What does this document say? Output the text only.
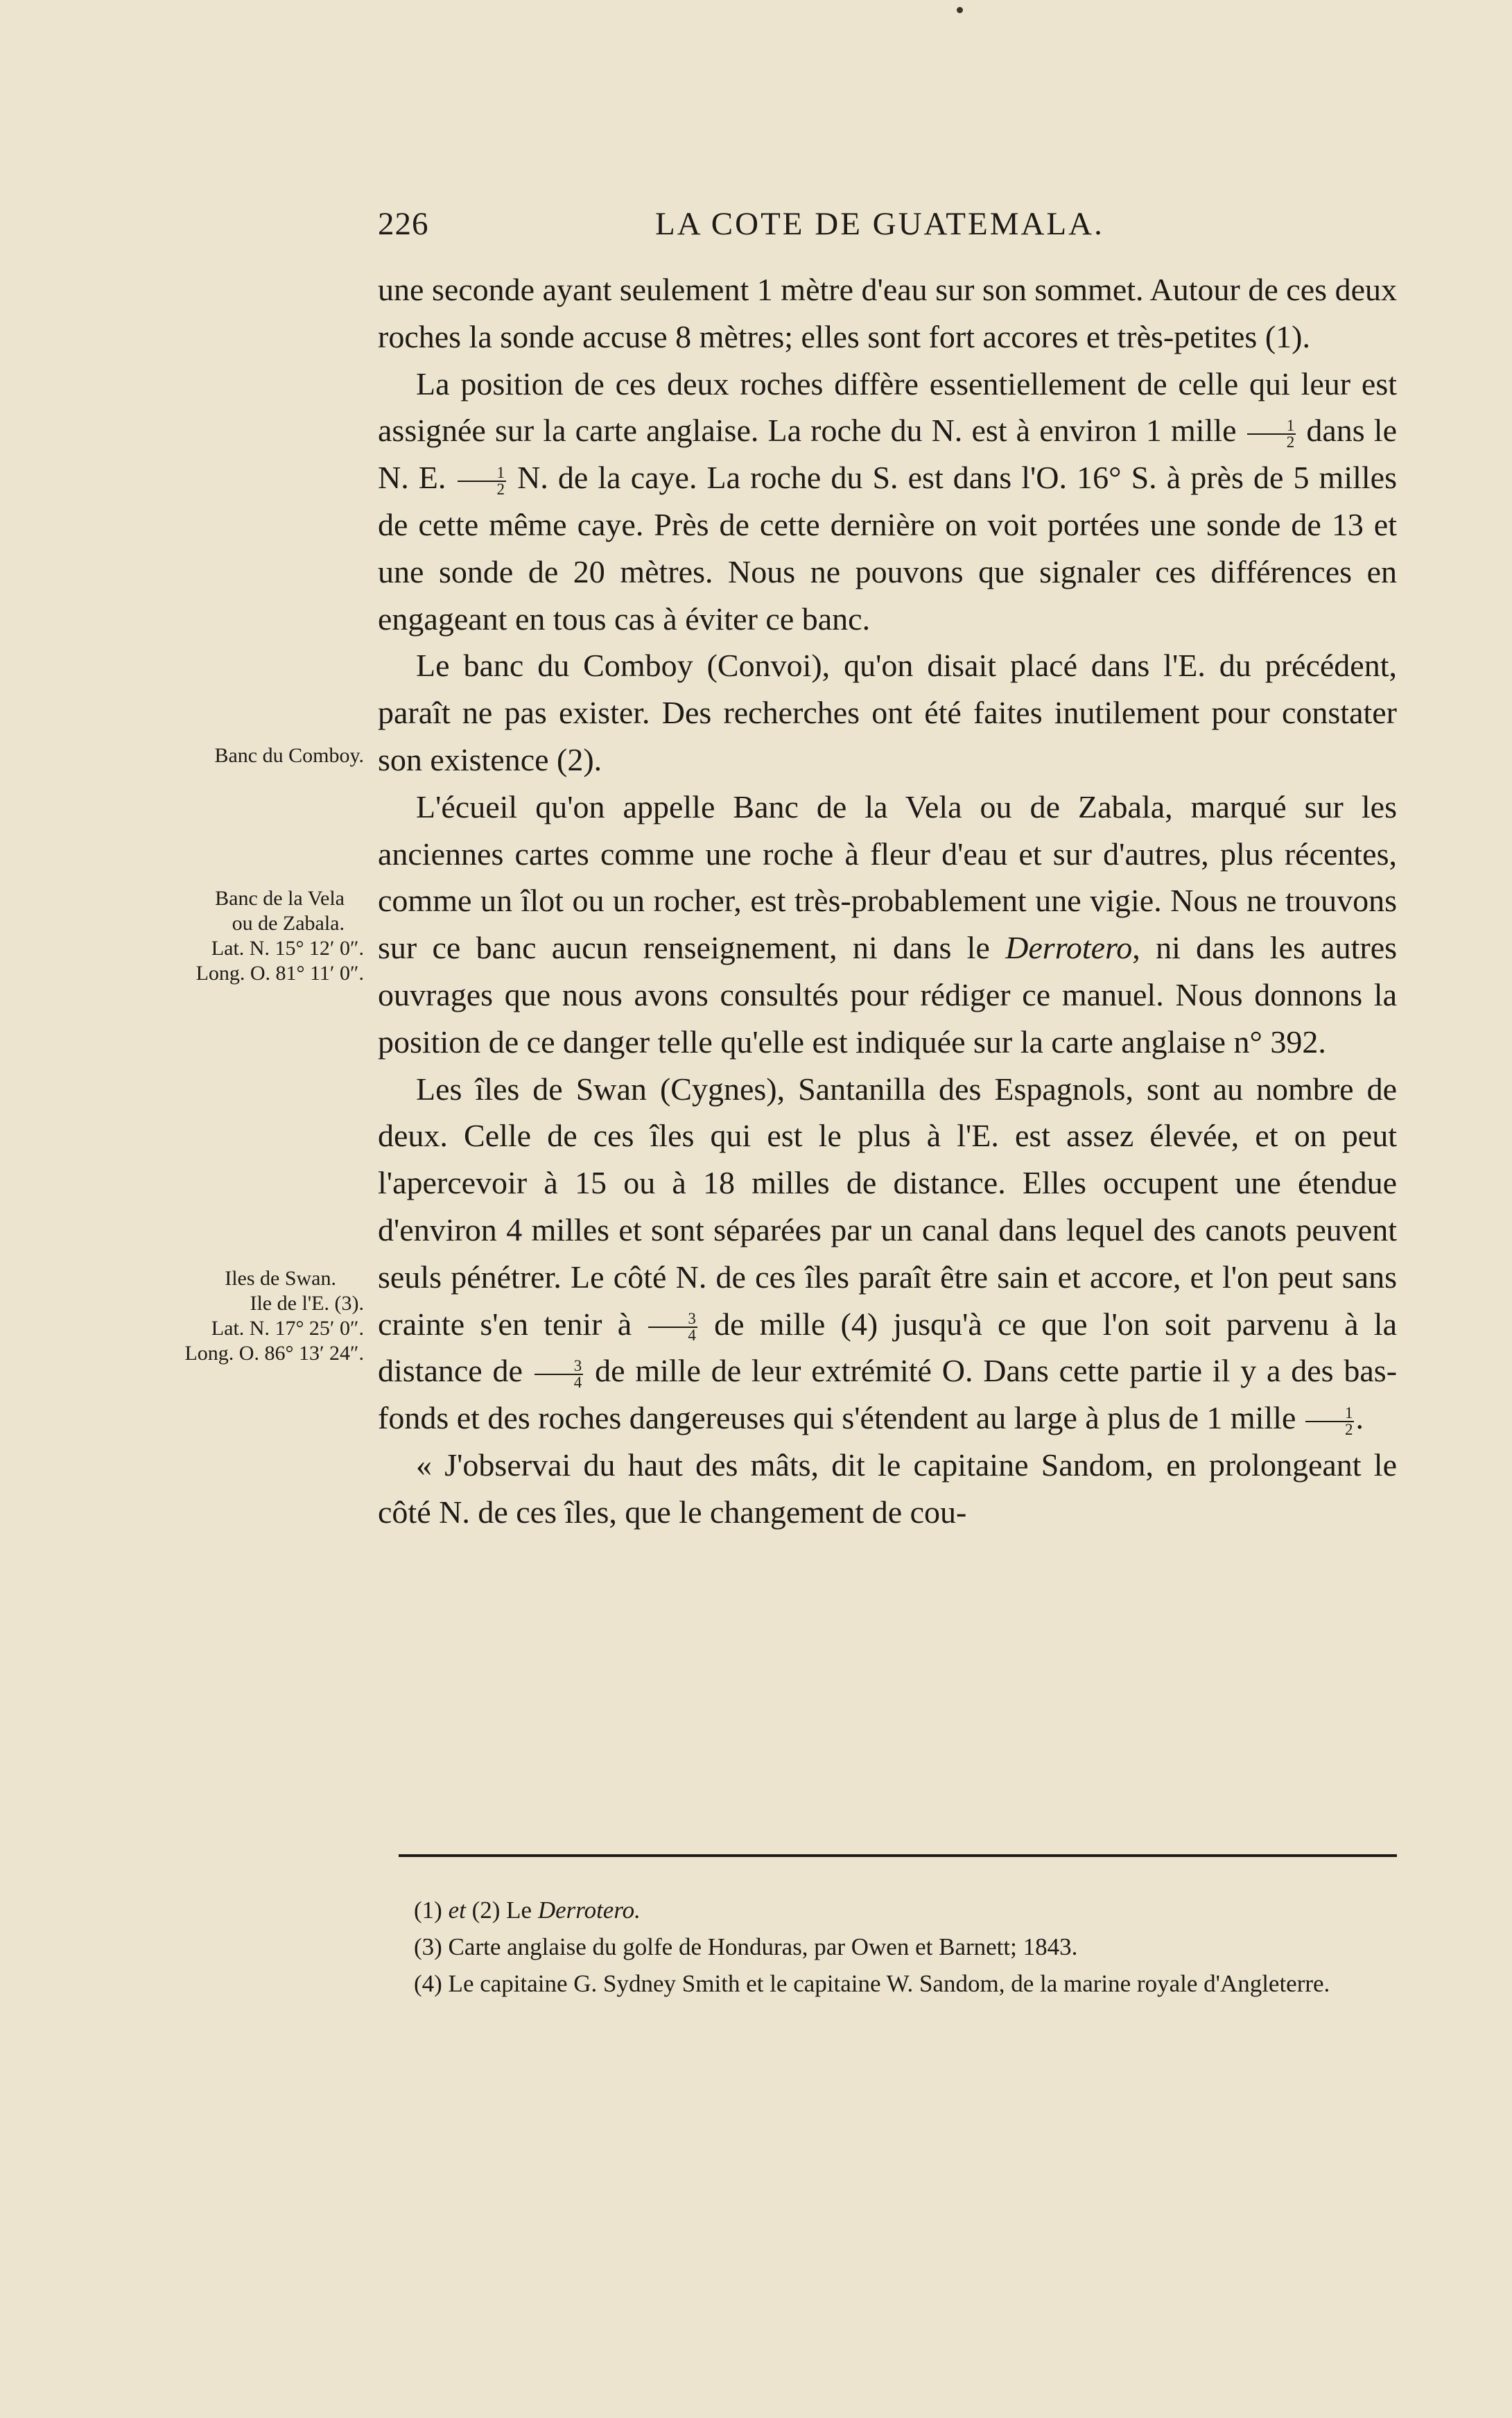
226	LA COTE DE GUATEMALA.
Banc du Comboy.
Banc de la Vela
ou de Zabala.
Lat. N. 15° 12′ 0″.
Long. O. 81° 11′ 0″.
Iles de Swan.
Ile de l'E. (3).
Lat. N. 17° 25′ 0″.
Long. O. 86° 13′ 24″.

une seconde ayant seulement 1 mètre d'eau sur son sommet. Autour de ces deux roches la sonde accuse 8 mètres; elles sont fort accores et très-petites (1).

La position de ces deux roches diffère essentiellement de celle qui leur est assignée sur la carte anglaise. La roche du N. est à environ 1 mille $\frac{1}{2}$ dans le N. E. $\frac{1}{2} N$. de la caye. La roche du S. est dans l'O. 16° S. à près de 5 milles de cette même caye. Près de cette dernière on voit portées une sonde de 13 et une sonde de 20 mètres. Nous ne pouvons que signaler ces différences en engageant en tous cas à éviter ce banc.

Le banc du Comboy (Convoi), qu'on disait placé dans l'E. du précédent, paraît ne pas exister. Des recherches ont été faites inutilement pour constater son existence (2).

L'écueil qu'on appelle Banc de la Vela ou de Zabala, marqué sur les anciennes cartes comme une roche à fleur d'eau et sur d'autres, plus récentes, comme un îlot ou un rocher, est très-probablement une vigie. Nous ne trouvons sur ce banc aucun renseignement, ni dans le Derrotero, ni dans les autres ouvrages que nous avons consultés pour rédiger ce manuel. Nous donnons la position de ce danger telle qu'elle est indiquée sur la carte anglaise n° 392.

Les îles de Swan (Cygnes), Santanilla des Espagnols, sont au nombre de deux. Celle de ces îles qui est le plus à l'E. est assez élevée, et on peut l'apercevoir à 15 ou à 18 milles de distance. Elles occupent une étendue d'environ 4 milles et sont séparées par un canal dans lequel des canots peuvent seuls pénétrer. Le côté N. de ces îles paraît être sain et accore, et l'on peut sans crainte s'en tenir à $\frac{3}{4}$ de mille (4) jusqu'à ce que l'on soit parvenu à la distance de $\frac{3}{4}$ de mille de leur extrémité O. Dans cette partie il y a des bas-fonds et des roches dangereuses qui s'étendent au large à plus de 1 mille $\frac{1}{2}$ .

« J'observai du haut des mâts, dit le capitaine Sandom, en prolongeant le côté N. de ces îles, que le changement de cou-

(1) et (2) Le Derrotero.

(3) Carte anglaise du golfe de Honduras, par Owen et Barnett; 1843.

(4) Le capitaine G. Sydney Smith et le capitaine W. Sandom, de la marine royale d'Angleterre.
